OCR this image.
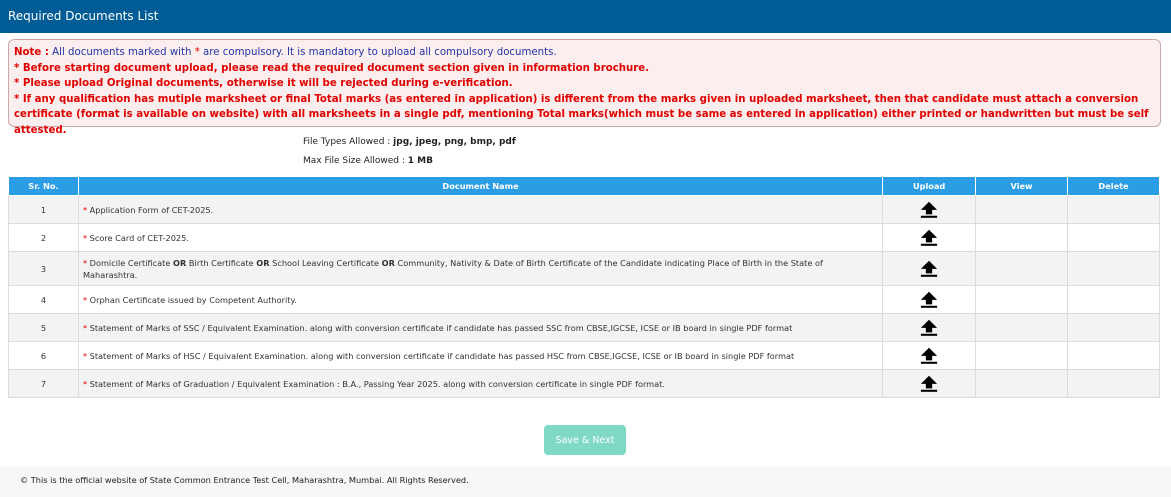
Required Documents List
Note : All documents marked with * are compulsory. It is mandatory to upload all compulsory documents.
* Before starting document upload, please read the required document section given in information brochure.
* Please upload Original documents, otherwise it will be rejected during e-verification.
* If any qualification has mutiple marksheet or final Total marks (as entered in application) is different from the marks given in uploaded marksheet, then that candidate must attach a conversion certificate (format is available on website) with all marksheets in a single pdf, mentioning Total marks(which must be same as entered in application) either printed or handwritten but must be self attested.
File Types Allowed : jpg, jpeg, png, bmp, pdf
Max File Size Allowed : 1 MB
Sr. No.	Document Name	Upload	View	Delete
1	* Application Form of CET-2025.			
2	* Score Card of CET-2025.			
3	* Domicile Certificate OR Birth Certificate OR School Leaving Certificate OR Community, Nativity & Date of Birth Certificate of the Candidate indicating Place of Birth in the State of Maharashtra.			
4	* Orphan Certificate issued by Competent Authority.			
5	* Statement of Marks of SSC / Equivalent Examination. along with conversion certificate if candidate has passed SSC from CBSE,IGCSE, ICSE or IB board in single PDF format			
6	* Statement of Marks of HSC / Equivalent Examination. along with conversion certificate if candidate has passed HSC from CBSE,IGCSE, ICSE or IB board in single PDF format			
7	* Statement of Marks of Graduation / Equivalent Examination : B.A., Passing Year 2025. along with conversion certificate in single PDF format.			
Save & Next
© This is the official website of State Common Entrance Test Cell, Maharashtra, Mumbai. All Rights Reserved.
